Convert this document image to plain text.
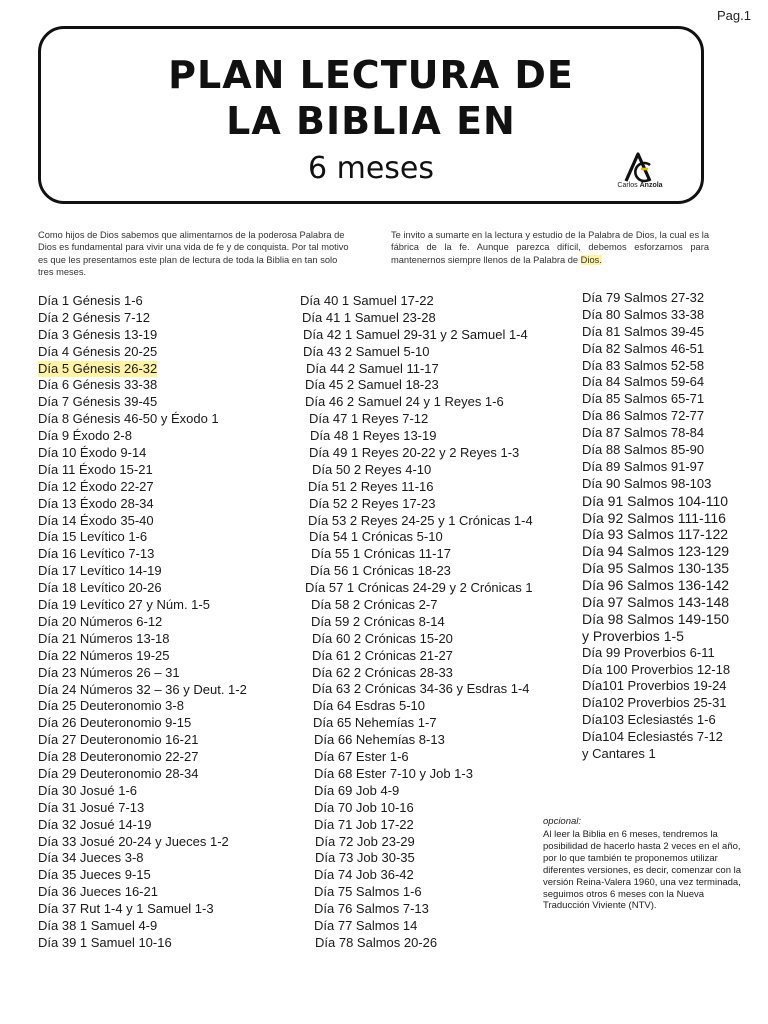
Pag.1
PLAN LECTURA DE
LA BIBLIA EN
6 meses	Carlos Anzola
Como hijos de Dios sabemos que alimentarnos de la poderosa Palabra de Dios es fundamental para vivir una vida de fe y de conquista. Por tal motivo es que les presentamos este plan de lectura de toda la Biblia en tan solo tres meses.
Te invito a sumarte en la lectura y estudio de la Palabra de Dios, la cual es la fábrica de la fe. Aunque parezca difícil, debemos esforzarnos para mantenernos siempre llenos de la Palabra de Dios.
Día 1 Génesis 1-6
Día 2 Génesis 7-12
Día 3 Génesis 13-19
Día 4 Génesis 20-25
Día 5 Génesis 26-32
Día 6 Génesis 33-38
Día 7 Génesis 39-45
Día 8 Génesis 46-50 y Éxodo 1
Día 9 Éxodo 2-8
Día 10 Éxodo 9-14
Día 11 Éxodo 15-21
Día 12 Éxodo 22-27
Día 13 Éxodo 28-34
Día 14 Éxodo 35-40
Día 15 Levítico 1-6
Día 16 Levítico 7-13
Día 17 Levítico 14-19
Día 18 Levítico 20-26
Día 19 Levítico 27 y Núm. 1-5
Día 20 Números 6-12
Día 21 Números 13-18
Día 22 Números 19-25
Día 23 Números 26 – 31
Día 24 Números 32 – 36 y Deut. 1-2
Día 25 Deuteronomio 3-8
Día 26 Deuteronomio 9-15
Día 27 Deuteronomio 16-21
Día 28 Deuteronomio 22-27
Día 29 Deuteronomio 28-34
Día 30 Josué 1-6
Día 31 Josué 7-13
Día 32 Josué 14-19
Día 33 Josué 20-24 y Jueces 1-2
Día 34 Jueces 3-8
Día 35 Jueces 9-15
Día 36 Jueces 16-21
Día 37 Rut 1-4 y 1 Samuel 1-3
Día 38 1 Samuel 4-9
Día 39 1 Samuel 10-16
Día 40 1 Samuel 17-22
Día 41 1 Samuel 23-28
Día 42 1 Samuel 29-31 y 2 Samuel 1-4
Día 43 2 Samuel 5-10
Día 44 2 Samuel 11-17
Día 45 2 Samuel 18-23
Día 46 2 Samuel 24 y 1 Reyes 1-6
Día 47 1 Reyes 7-12
Día 48 1 Reyes 13-19
Día 49 1 Reyes 20-22 y 2 Reyes 1-3
Día 50 2 Reyes 4-10
Día 51 2 Reyes 11-16
Día 52 2 Reyes 17-23
Día 53 2 Reyes 24-25 y 1 Crónicas 1-4
Día 54 1 Crónicas 5-10
Día 55 1 Crónicas 11-17
Día 56 1 Crónicas 18-23
Día 57 1 Crónicas 24-29 y 2 Crónicas 1
Día 58 2 Crónicas 2-7
Día 59 2 Crónicas 8-14
Día 60 2 Crónicas 15-20
Día 61 2 Crónicas 21-27
Día 62 2 Crónicas 28-33
Día 63 2 Crónicas 34-36 y Esdras 1-4
Día 64 Esdras 5-10
Día 65 Nehemías 1-7
Día 66 Nehemías 8-13
Día 67 Ester 1-6
Día 68 Ester 7-10 y Job 1-3
Día 69 Job 4-9
Día 70 Job 10-16
Día 71 Job 17-22
Día 72 Job 23-29
Día 73 Job 30-35
Día 74 Job 36-42
Día 75 Salmos 1-6
Día 76 Salmos 7-13
Día 77 Salmos 14
Día 78 Salmos 20-26
Día 79 Salmos 27-32
Día 80 Salmos 33-38
Día 81 Salmos 39-45
Día 82 Salmos 46-51
Día 83 Salmos 52-58
Día 84 Salmos 59-64
Día 85 Salmos 65-71
Día 86 Salmos 72-77
Día 87 Salmos 78-84
Día 88 Salmos 85-90
Día 89 Salmos 91-97
Día 90 Salmos 98-103
Día 91 Salmos 104-110
Día 92 Salmos 111-116
Día 93 Salmos 117-122
Día 94 Salmos 123-129
Día 95 Salmos 130-135
Día 96 Salmos 136-142
Día 97 Salmos 143-148
Día 98 Salmos 149-150
y Proverbios 1-5
Día 99 Proverbios 6-11
Día 100 Proverbios 12-18
Día101 Proverbios 19-24
Día102 Proverbios 25-31
Día103 Eclesiastés 1-6
Día104 Eclesiastés 7-12
y Cantares 1
opcional:
Al leer la Biblia en 6 meses, tendremos la posibilidad de hacerlo hasta 2 veces en el año, por lo que también te proponemos utilizar diferentes versiones, es decir, comenzar con la versión Reina-Valera 1960, una vez terminada, seguimos otros 6 meses con la Nueva Traducción Viviente (NTV).
